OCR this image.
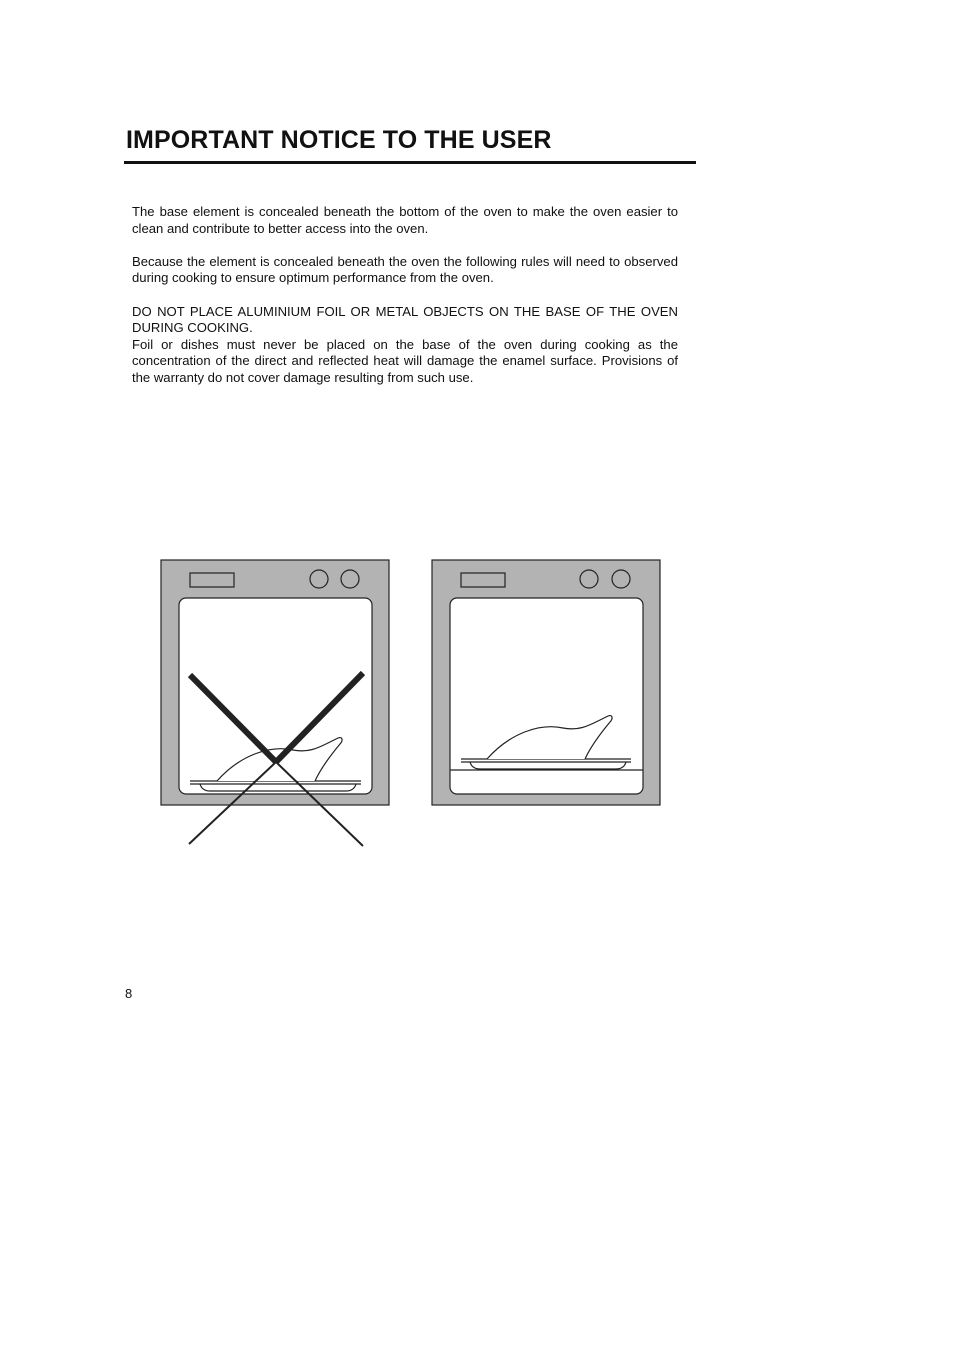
IMPORTANT NOTICE TO THE USER

The base element is concealed beneath the bottom of the oven to make the oven easier to clean and contribute to better access into the oven.

Because the element is concealed beneath the oven the following rules will need to observed during cooking to ensure optimum performance from the oven.

DO NOT PLACE ALUMINIUM FOIL OR METAL OBJECTS ON THE BASE OF THE OVEN DURING COOKING.

Foil or dishes must never be placed on the base of the oven during cooking as the concentration of the direct and reflected heat will damage the enamel surface. Provisions of the warranty do not cover damage resulting from such use.

8
